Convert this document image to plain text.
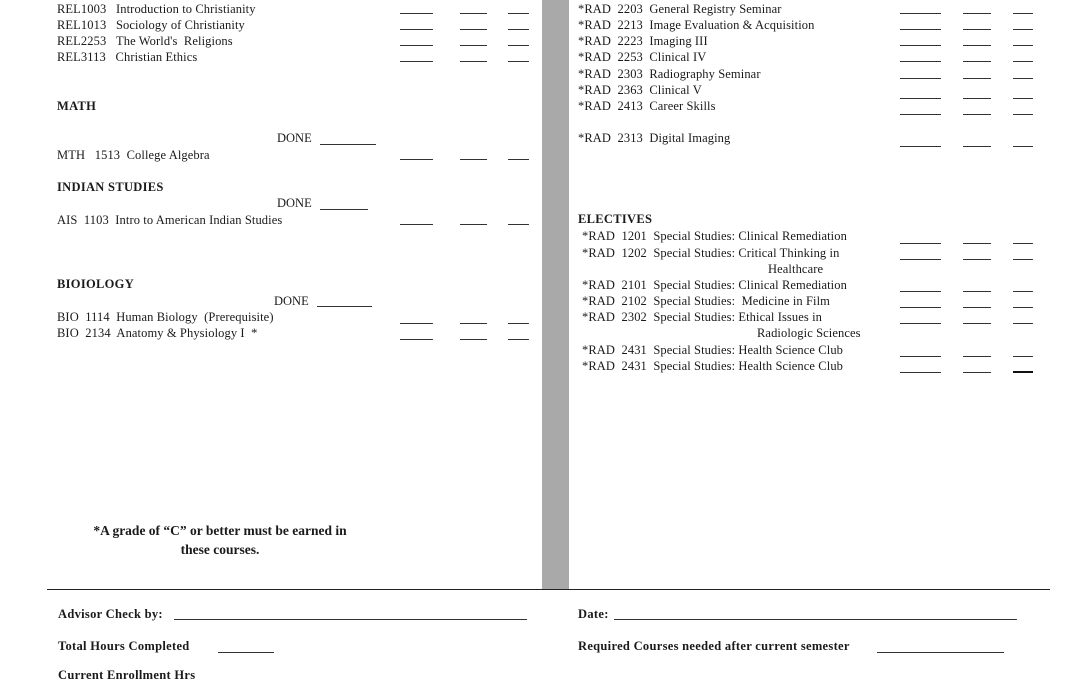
REL1003 Introduction to Christianity
REL1013 Sociology of Christianity
REL2253 The World's  Religions
REL3113 Christian Ethics
MATH
DONE
MTH   1513  College Algebra
INDIAN STUDIES
DONE
AIS  1103  Intro to American Indian Studies
BIOIOLOGY
DONE
BIO  1114  Human Biology  (Prerequisite)
BIO  2134  Anatomy & Physiology I  *
*A grade of “C” or better must be earned in
these courses.
*RAD  2203  General Registry Seminar
*RAD  2213  Image Evaluation & Acquisition
*RAD  2223  Imaging III
*RAD  2253  Clinical IV
*RAD  2303  Radiography Seminar
*RAD  2363  Clinical V
*RAD  2413  Career Skills
*RAD  2313  Digital Imaging
ELECTIVES
*RAD  1201  Special Studies: Clinical Remediation
*RAD  1202  Special Studies: Critical Thinking in
Healthcare
*RAD  2101  Special Studies: Clinical Remediation
*RAD  2102  Special Studies:  Medicine in Film
*RAD  2302  Special Studies: Ethical Issues in
Radiologic Sciences
*RAD  2431  Special Studies: Health Science Club
*RAD  2431  Special Studies: Health Science Club
Advisor Check by:	Date:
Total Hours Completed	Required Courses needed after current semester
Current Enrollment Hrs
